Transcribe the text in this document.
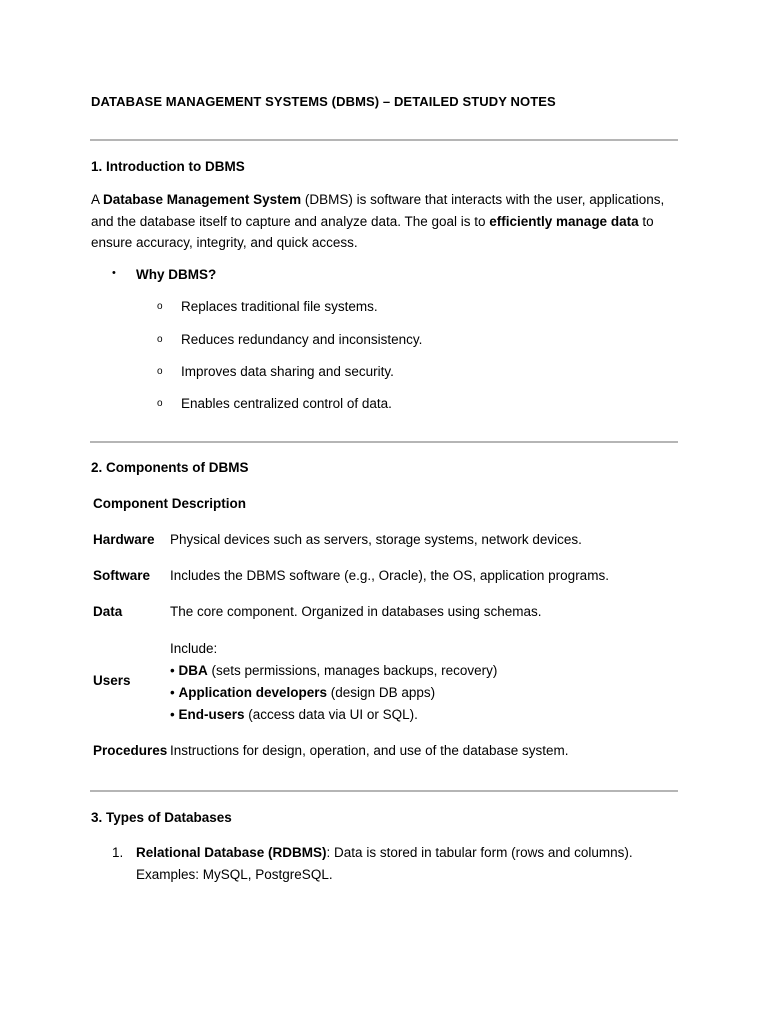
DATABASE MANAGEMENT SYSTEMS (DBMS) – DETAILED STUDY NOTES
1. Introduction to DBMS
A Database Management System (DBMS) is software that interacts with the user, applications, and the database itself to capture and analyze data. The goal is to efficiently manage data to ensure accuracy, integrity, and quick access.
• Why DBMS?
o Replaces traditional file systems.
o Reduces redundancy and inconsistency.
o Improves data sharing and security.
o Enables centralized control of data.
2. Components of DBMS
Component Description
Hardware Physical devices such as servers, storage systems, network devices.
Software Includes the DBMS software (e.g., Oracle), the OS, application programs.
Data	The core component. Organized in databases using schemas.
Users
Include:
• DBA (sets permissions, manages backups, recovery)
• Application developers (design DB apps)
• End-users (access data via UI or SQL).
Procedures Instructions for design, operation, and use of the database system.
3. Types of Databases
1. Relational Database (RDBMS): Data is stored in tabular form (rows and columns).
Examples: MySQL, PostgreSQL.
